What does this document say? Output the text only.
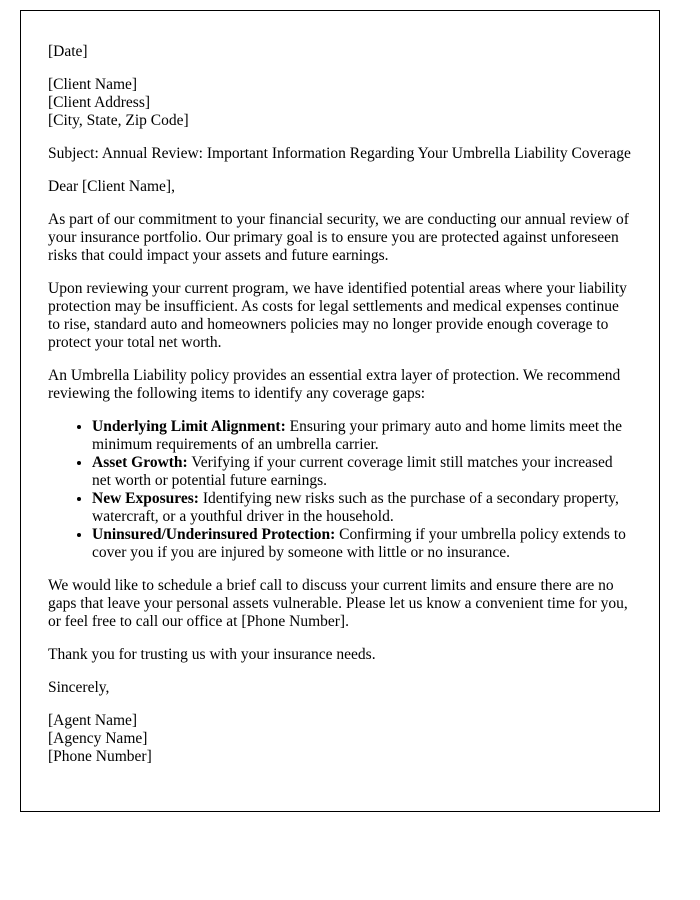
[Date]
[Client Name]
[Client Address]
[City, State, Zip Code]

Subject: Annual Review: Important Information Regarding Your Umbrella Liability Coverage

Dear [Client Name],

As part of our commitment to your financial security, we are conducting our annual review of your insurance portfolio. Our primary goal is to ensure you are protected against unforeseen risks that could impact your assets and future earnings.

Upon reviewing your current program, we have identified potential areas where your liability protection may be insufficient. As costs for legal settlements and medical expenses continue to rise, standard auto and homeowners policies may no longer provide enough coverage to protect your total net worth.

An Umbrella Liability policy provides an essential extra layer of protection. We recommend reviewing the following items to identify any coverage gaps:

• Underlying Limit Alignment: Ensuring your primary auto and home limits meet the minimum requirements of an umbrella carrier.
• Asset Growth: Verifying if your current coverage limit still matches your increased net worth or potential future earnings.
• New Exposures: Identifying new risks such as the purchase of a secondary property, watercraft, or a youthful driver in the household.
• Uninsured/Underinsured Protection: Confirming if your umbrella policy extends to cover you if you are injured by someone with little or no insurance.

We would like to schedule a brief call to discuss your current limits and ensure there are no gaps that leave your personal assets vulnerable. Please let us know a convenient time for you, or feel free to call our office at [Phone Number].

Thank you for trusting us with your insurance needs.

Sincerely,

[Agent Name]
[Agency Name]
[Phone Number]
